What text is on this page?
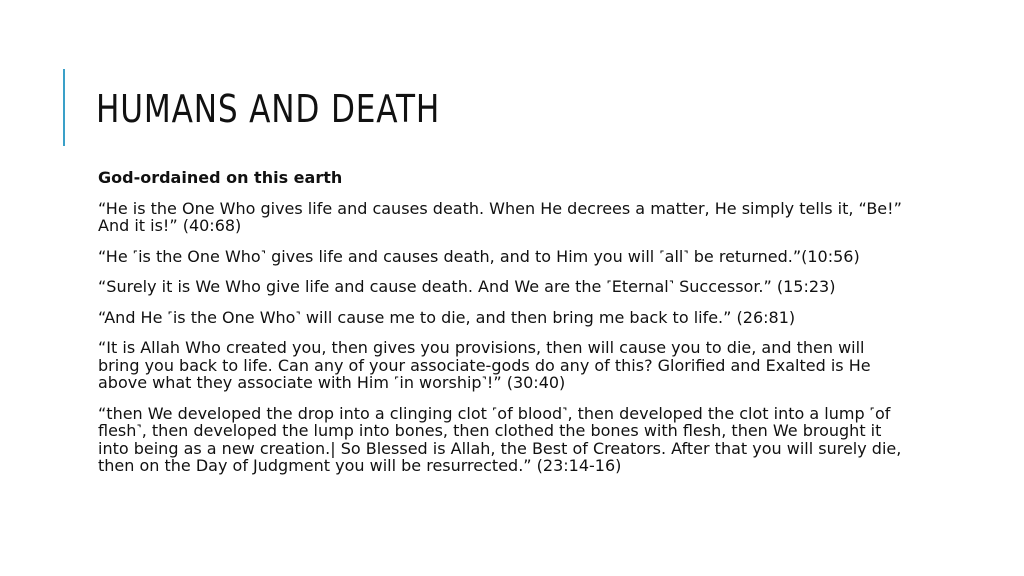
HUMANS AND DEATH

God-ordained on this earth

“He is the One Who gives life and causes death. When He decrees a matter, He simply tells it, “Be!” And it is!” (40:68)

“He ˹is the One Who˺ gives life and causes death, and to Him you will ˹all˺ be returned.”(10:56)

“Surely it is We Who give life and cause death. And We are the ˹Eternal˺ Successor.” (15:23)

“And He ˹is the One Who˺ will cause me to die, and then bring me back to life.” (26:81)

“It is Allah Who created you, then gives you provisions, then will cause you to die, and then will bring you back to life. Can any of your associate-gods do any of this? Glorified and Exalted is He above what they associate with Him ˹in worship˺!” (30:40)

“then We developed the drop into a clinging clot ˹of blood˺, then developed the clot into a lump ˹of flesh˺, then developed the lump into bones, then clothed the bones with flesh, then We brought it into being as a new creation.| So Blessed is Allah, the Best of Creators. After that you will surely die, then on the Day of Judgment you will be resurrected.” (23:14-16)
